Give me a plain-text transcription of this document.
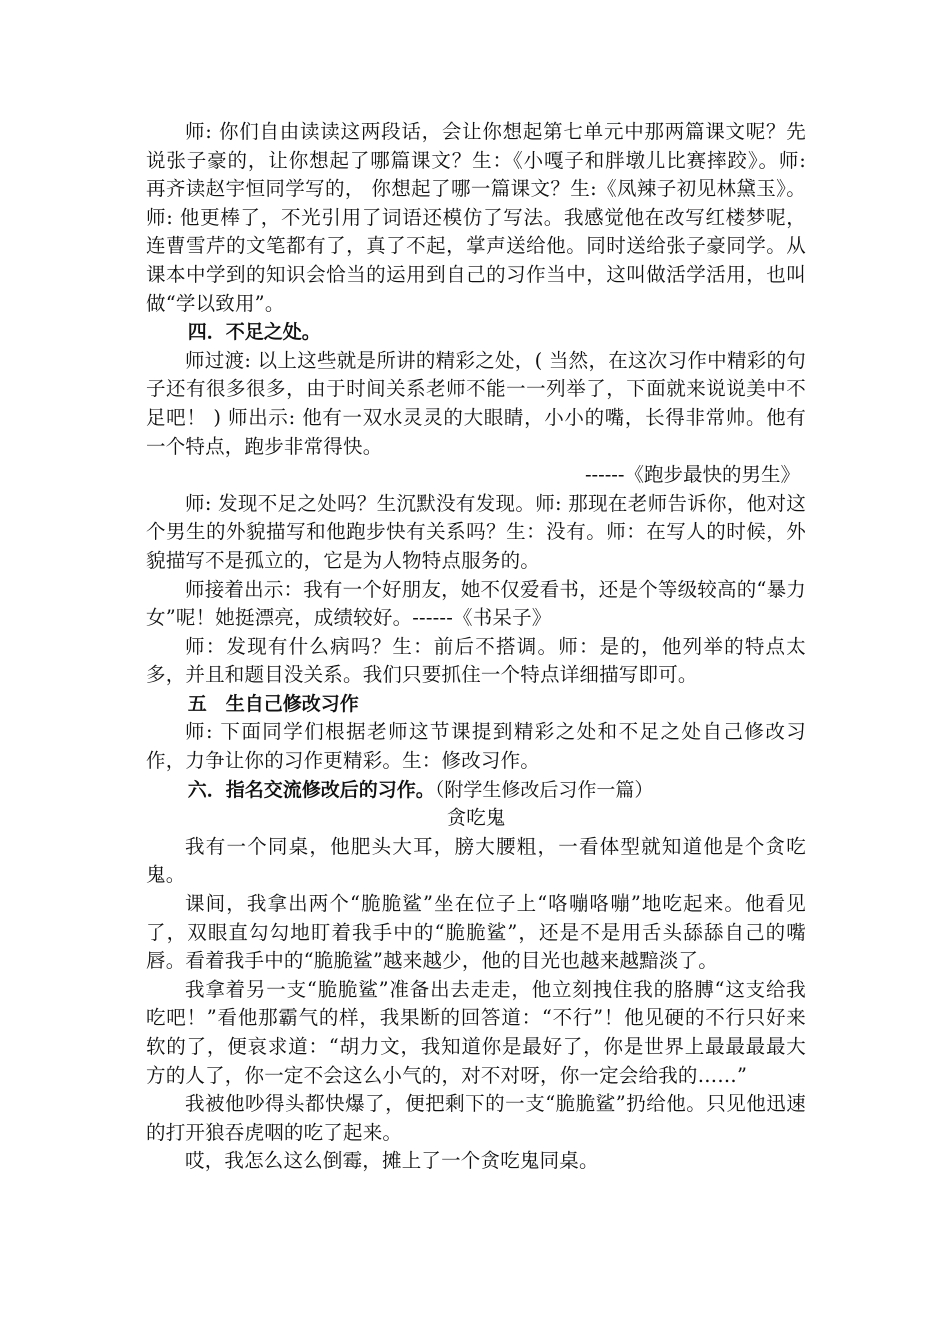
师: 你们自由读读这两段话，会让你想起第七单元中那两篇课文呢？先说张子豪的，让你想起了哪篇课文？生：《小嘎子和胖墩儿比赛摔跤》。师: 再齐读赵宇恒同学写的， 你想起了哪一篇课文？生:《凤辣子初见林黛玉》。师: 他更棒了，不光引用了词语还模仿了写法。我感觉他在改写红楼梦呢，连曹雪芹的文笔都有了，真了不起，掌声送给他。同时送给张子豪同学。从课本中学到的知识会恰当的运用到自己的习作当中，这叫做活学活用，也叫做“学以致用”。

四．不足之处。

师过渡: 以上这些就是所讲的精彩之处，( 当然，在这次习作中精彩的句子还有很多很多，由于时间关系老师不能一一列举了，下面就来说说美中不足吧！ ) 师出示: 他有一双水灵灵的大眼睛，小小的嘴，长得非常帅。他有一个特点，跑步非常得快。

------《跑步最快的男生》

师: 发现不足之处吗？生沉默没有发现。师: 那现在老师告诉你，他对这个男生的外貌描写和他跑步快有关系吗？生：没有。师：在写人的时候，外貌描写不是孤立的，它是为人物特点服务的。

师接着出示：我有一个好朋友，她不仅爱看书，还是个等级较高的“暴力女”呢！她挺漂亮，成绩较好。------《书呆子》

师：发现有什么病吗？生：前后不搭调。师：是的，他列举的特点太多，并且和题目没关系。我们只要抓住一个特点详细描写即可。

五　生自己修改习作

师: 下面同学们根据老师这节课提到精彩之处和不足之处自己修改习作，力争让你的习作更精彩。生：修改习作。

六．指名交流修改后的习作。（附学生修改后习作一篇）

贪吃鬼

我有一个同桌，他肥头大耳，膀大腰粗，一看体型就知道他是个贪吃鬼。

课间，我拿出两个“脆脆鲨”坐在位子上“咯嘣咯嘣”地吃起来。他看见了，双眼直勾勾地盯着我手中的“脆脆鲨”，还是不是用舌头舔舔自己的嘴唇。看着我手中的“脆脆鲨”越来越少，他的目光也越来越黯淡了。

我拿着另一支“脆脆鲨”准备出去走走，他立刻拽住我的胳膊“这支给我吃吧！”看他那霸气的样，我果断的回答道：“不行”！他见硬的不行只好来软的了，便哀求道：“胡力文，我知道你是最好了，你是世界上最最最最大方的人了，你一定不会这么小气的，对不对呀，你一定会给我的……”

我被他吵得头都快爆了，便把剩下的一支“脆脆鲨”扔给他。只见他迅速的打开狼吞虎咽的吃了起来。

哎，我怎么这么倒霉，摊上了一个贪吃鬼同桌。
